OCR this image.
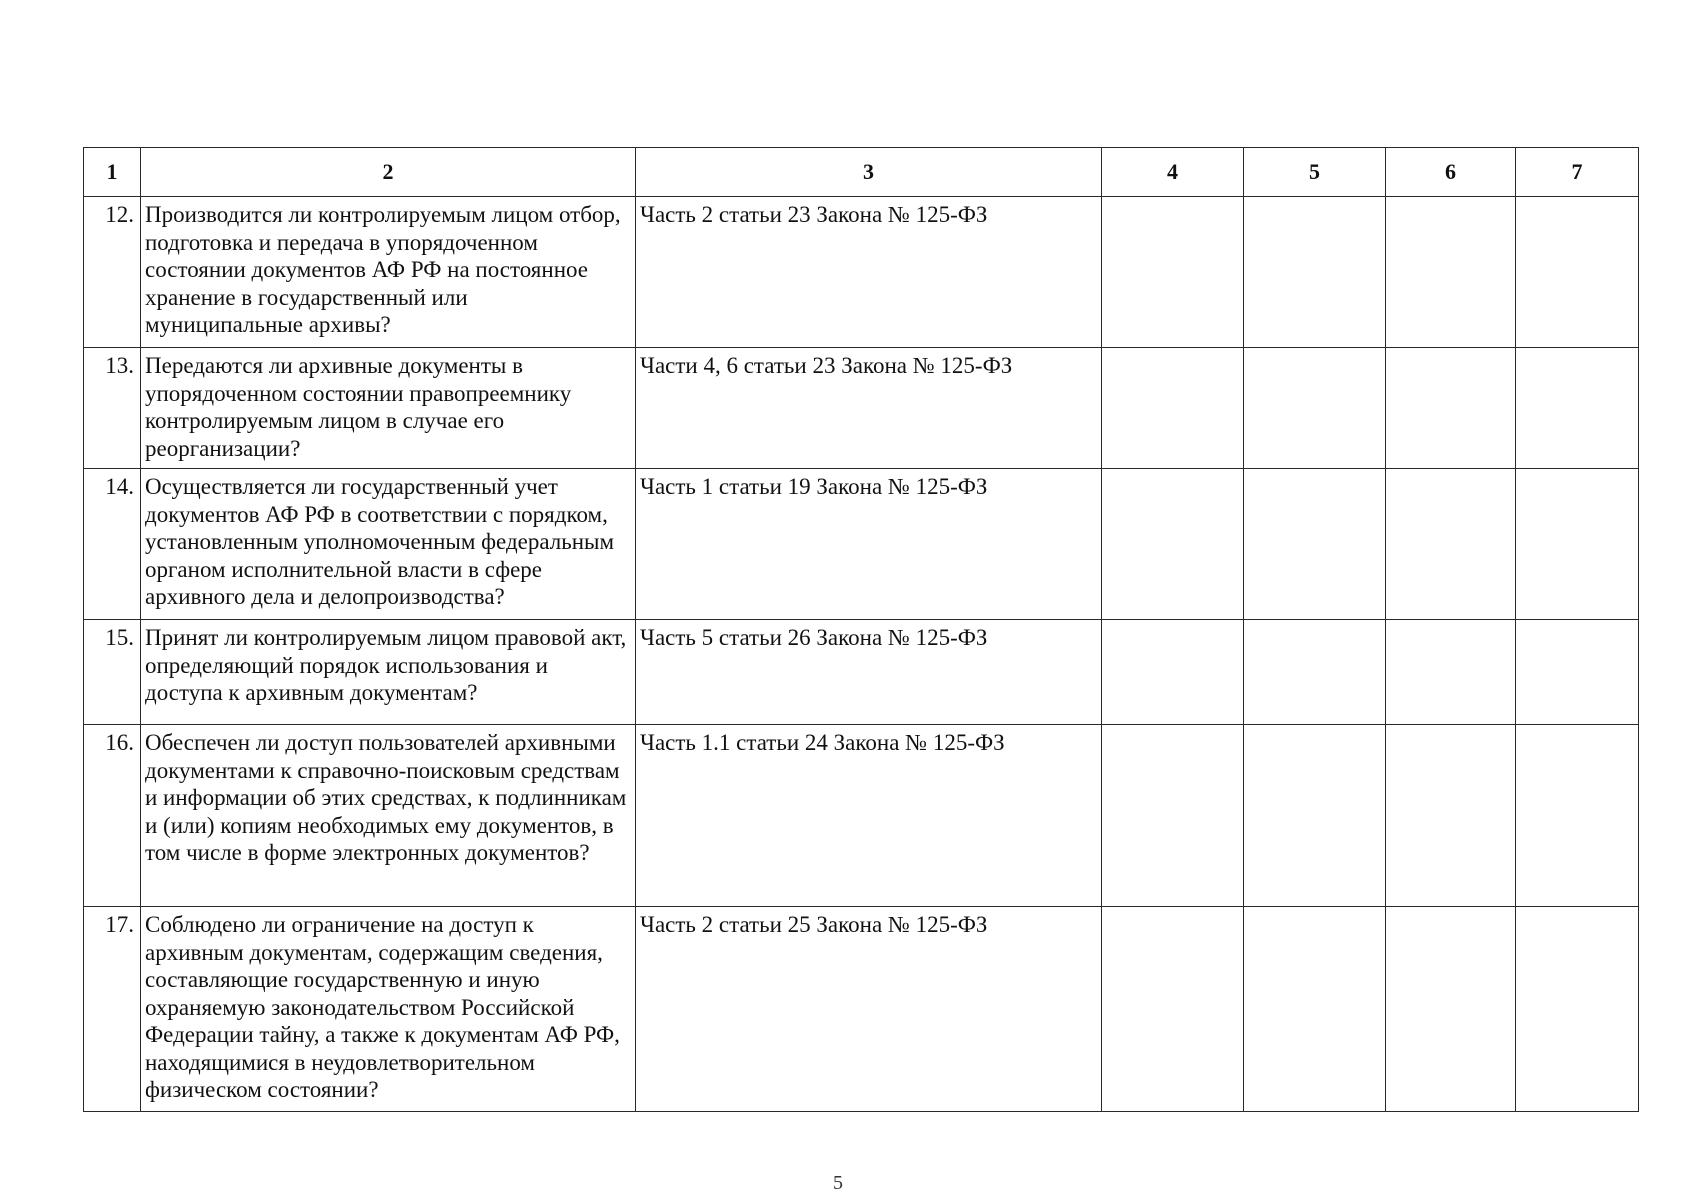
1	2	3	4	5	6	7
12.	Производится ли контролируемым лицом отбор, подготовка и передача в упорядоченном состоянии документов АФ РФ на постоянное хранение в государственный или муниципальные архивы?	Часть 2 статьи 23 Закона № 125-ФЗ				
13.	Передаются ли архивные документы в упорядоченном состоянии правопреемнику контролируемым лицом в случае его реорганизации?	Части 4, 6 статьи 23 Закона № 125-ФЗ				
14.	Осуществляется ли государственный учет документов АФ РФ в соответствии с порядком, установленным уполномоченным федеральным органом исполнительной власти в сфере архивного дела и делопроизводства?	Часть 1 статьи 19 Закона № 125-ФЗ				
15.	Принят ли контролируемым лицом правовой акт, определяющий порядок использования и доступа к архивным документам?	Часть 5 статьи 26 Закона № 125-ФЗ				
16.	Обеспечен ли доступ пользователей архивными документами к справочно-поисковым средствам и информации об этих средствах, к подлинникам и (или) копиям необходимых ему документов, в том числе в форме электронных документов?	Часть 1.1 статьи 24 Закона № 125-ФЗ				
17.	Соблюдено ли ограничение на доступ к архивным документам, содержащим сведения, составляющие государственную и иную охраняемую законодательством Российской Федерации тайну, а также к документам АФ РФ, находящимися в неудовлетворительном физическом состоянии?	Часть 2 статьи 25 Закона № 125-ФЗ				
5
